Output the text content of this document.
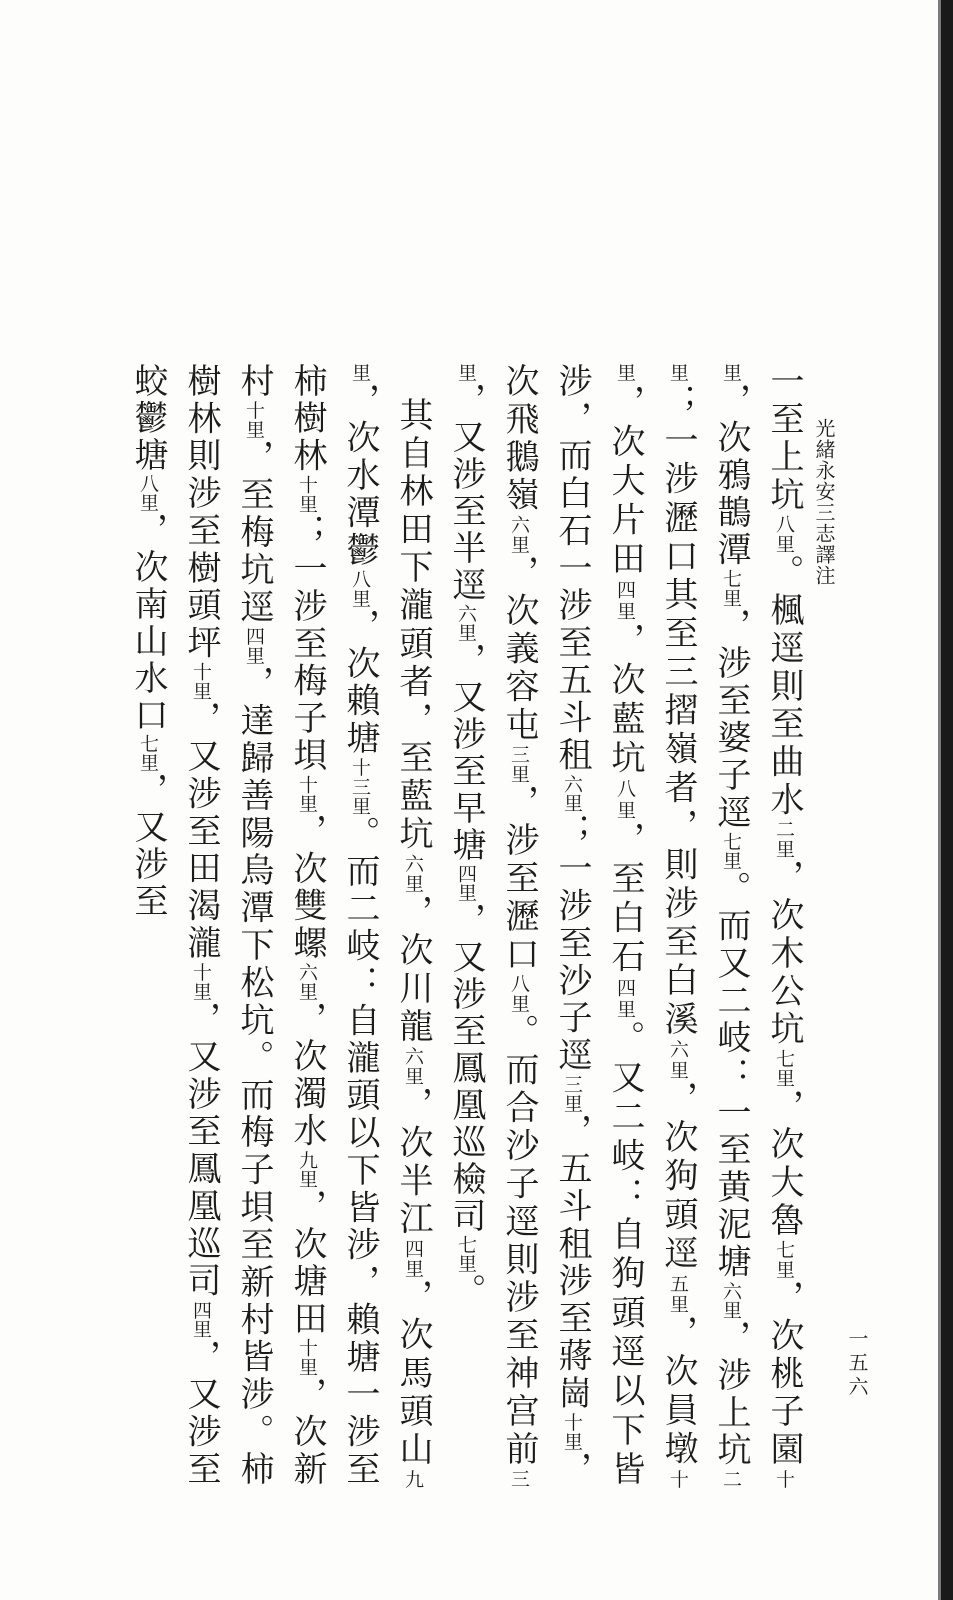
光緒永安三志譯注
一五六

一至上坑八里。楓逕則至曲水二里，次木公坑七里，次大魯七里，次桃子園十里，次鴉鵲潭七里，涉至婆子逕七里。而又二岐：一至黄泥塘六里，涉上坑二里；一涉瀝口其至三摺嶺者，則涉至白溪六里，次狗頭逕五里，次員墩十里，次大片田四里，次藍坑八里，至白石四里。又二岐：自狗頭逕以下皆涉，而白石一涉至五斗租六里；一涉至沙子逕三里，五斗租涉至蔣崗十里，次飛鵝嶺六里，次義容屯三里，涉至瀝口八里。而合沙子逕則涉至神宫前三里，又涉至半逕六里，又涉至早塘四里，又涉至鳳凰巡檢司七里。

其自林田下瀧頭者，至藍坑六里，次川龍六里，次半江四里，次馬頭山九里，次水潭鬱八里，次賴塘十三里。而二岐：自瀧頭以下皆涉，賴塘一涉至柿樹林十里；一涉至梅子垻十里，次雙螺六里，次濁水九里，次塘田十里，次新村十里，至梅坑逕四里，達歸善陽烏潭下松坑。而梅子垻至新村皆涉。柿樹林則涉至樹頭坪十里，又涉至田渴瀧十里，又涉至鳳凰巡司四里，又涉至蛟鬱塘八里，次南山水口七里，又涉至
